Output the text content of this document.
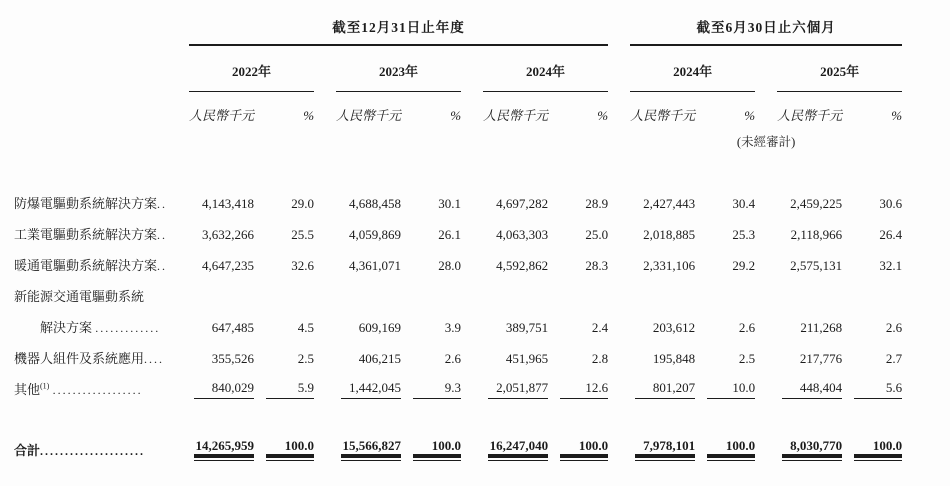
	截至12月31日止年度						截至6月30日止六個月			

	2022年		2023年		2024年		2024年		2025年	

	人民幣千元	%	人民幣千元	%	人民幣千元	%	人民幣千元	%	人民幣千元	%

							(未經審計)			

防爆電驅動系統解決方案..	4,143,418	29.0	4,688,458	30.1	4,697,282	28.9	2,427,443	30.4	2,459,225	30.6
工業電驅動系統解決方案..	3,632,266	25.5	4,059,869	26.1	4,063,303	25.0	2,018,885	25.3	2,118,966	26.4
暖通電驅動系統解決方案..	4,647,235	32.6	4,361,071	28.0	4,592,862	28.3	2,331,106	29.2	2,575,131	32.1
新能源交通電驅動系統										
解決方案 .............	647,485	4.5	609,169	3.9	389,751	2.4	203,612	2.6	211,268	2.6
機器人組件及系統應用....	355,526	2.5	406,215	2.6	451,965	2.8	195,848	2.5	217,776	2.7
其他$^{(1)}$ ..................	840,029	5.9	1,442,045	9.3	2,051,877	12.6	801,207	10.0	448,404	5.6

合計.....................	14,265,959	100.0	15,566,827	100.0	16,247,040	100.0	7,978,101	100.0	8,030,770	100.0
